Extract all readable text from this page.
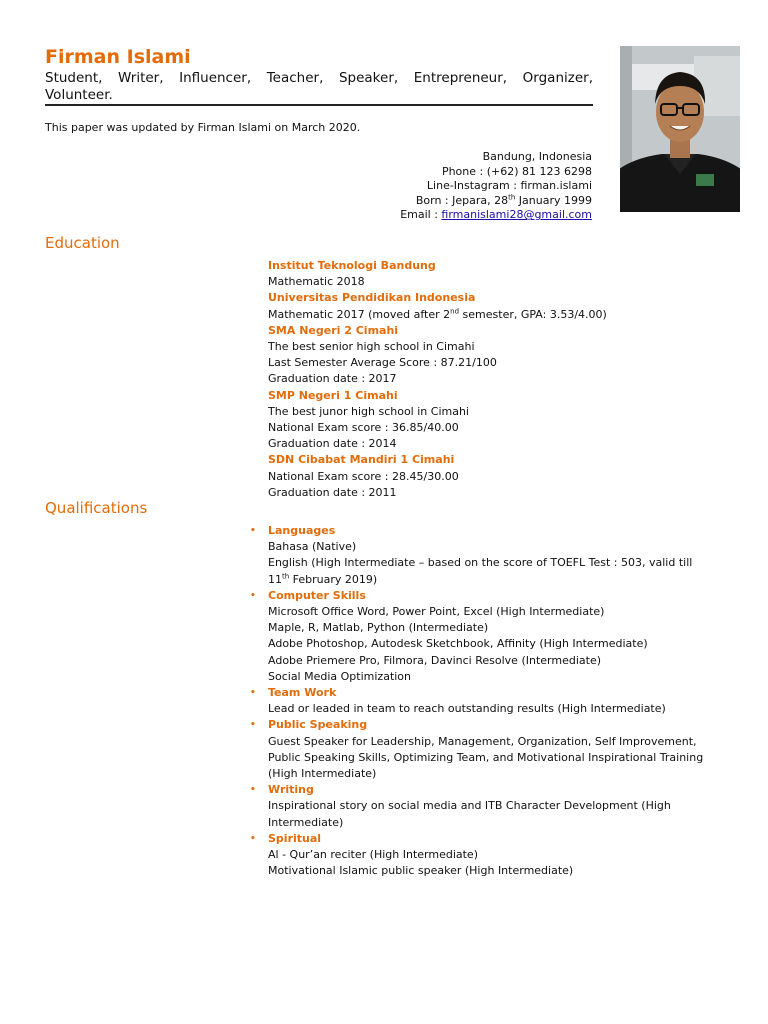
Firman Islami
Student, Writer, Influencer, Teacher, Speaker, Entrepreneur, Organizer, Volunteer.
This paper was updated by Firman Islami on March 2020.
Bandung, Indonesia
Phone : (+62) 81 123 6298
Line-Instagram : firman.islami
Born : Jepara, 28th January 1999
Email : firmanislami28@gmail.com
Education
Institut Teknologi Bandung
Mathematic 2018
Universitas Pendidikan Indonesia
Mathematic 2017 (moved after 2nd semester, GPA: 3.53/4.00)
SMA Negeri 2 Cimahi
The best senior high school in Cimahi
Last Semester Average Score : 87.21/100
Graduation date : 2017
SMP Negeri 1 Cimahi
The best junor high school in Cimahi
National Exam score : 36.85/40.00
Graduation date : 2014
SDN Cibabat Mandiri 1 Cimahi
National Exam score : 28.45/30.00
Graduation date : 2011
Qualifications
• Languages
Bahasa (Native)
English (High Intermediate – based on the score of TOEFL Test : 503, valid till
11th February 2019)
• Computer Skills
Microsoft Office Word, Power Point, Excel (High Intermediate)
Maple, R, Matlab, Python (Intermediate)
Adobe Photoshop, Autodesk Sketchbook, Affinity (High Intermediate)
Adobe Priemere Pro, Filmora, Davinci Resolve (Intermediate)
Social Media Optimization
• Team Work
Lead or leaded in team to reach outstanding results (High Intermediate)
• Public Speaking
Guest Speaker for Leadership, Management, Organization, Self Improvement,
Public Speaking Skills, Optimizing Team, and Motivational Inspirational Training
(High Intermediate)
• Writing
Inspirational story on social media and ITB Character Development (High
Intermediate)
• Spiritual
Al - Qur’an reciter (High Intermediate)
Motivational Islamic public speaker (High Intermediate)
